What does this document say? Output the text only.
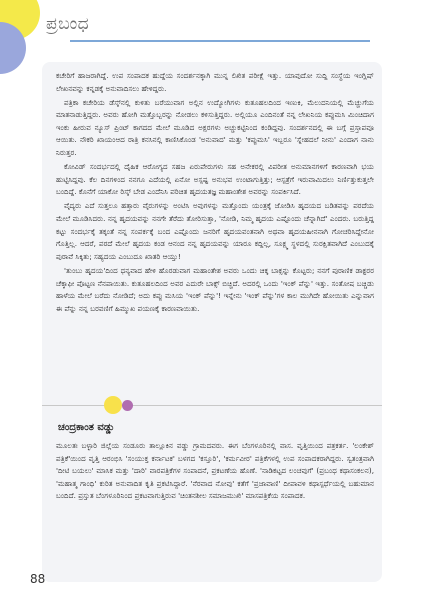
ಪ್ರಬಂಧ

ಕಚೇರಿಗೆ ಹಾಜರಾಗಿದ್ದೆ. ಉಪ ಸಂಪಾದಕ ಹುದ್ದೆಯ ಸಂದರ್ಶನಕ್ಕಾಗಿ ಮುನ್ನ ಲಿಖಿತ ಪರೀಕ್ಷೆ ಇತ್ತು. ಯಾವುದೋ ಸುದ್ದಿ ಸಂಸ್ಥೆಯ ಇಂಗ್ಲಿಷ್ ಲೇಖನವನ್ನು ಕನ್ನಡಕ್ಕೆ ಅನುವಾದಿಸಲು ಹೇಳಿದ್ದರು.

ಪತ್ರಿಕಾ ಕಚೇರಿಯ ಡೆಸ್ಕ್‌ನಲ್ಲಿ ಕುಳಿತು ಬರೆಯುವಾಗ ಅಲ್ಲಿನ ಉದ್ಯೋಗಿಗಳು ಕುತೂಹಲದಿಂದ ಇಣುಕಿ, ಮೆಲುದನಿಯಲ್ಲಿ ಮೆಚ್ಚುಗೆಯ ಮಾತನಾಡುತ್ತಿದ್ದರು. ಅವರು ಹೋಗಿ ಮತ್ತೊಬ್ಬರನ್ನು ನೋಡಲು ಕಳಿಸುತ್ತಿದ್ದರು. ಅಲ್ಲಿಯೂ ಎಂದಿನಂತೆ ನನ್ನ ಲೇಖನಿಯ ಕಪ್ಪುಮಸಿ ಮಿಂಚಿದಾಗ ಇಂಕು ಹೀರುವ ನ್ಯೂಸ್ ಪ್ರಿಂಟ್ ಕಾಗದದ ಮೇಲೆ ಮೂಡಿದ ಅಕ್ಷರಗಳು ಅಚ್ಚುಕಟ್ಟಿನಿಂದ ಕಂಡಿದ್ದವು. ಸಂದರ್ಶನದಲ್ಲಿ ಈ ಬಗ್ಗೆ ಪ್ರಸ್ತಾಪವೂ ಆಯಿತು. ನೌಕರಿ ಖಾಯಂಆದ ರಾತ್ರಿ ಕನಸಿನಲ್ಲಿ ಕಾಣಿಸಿಕೊಂಡ 'ಅನುವಾದ' ಮತ್ತು 'ಕಪ್ಪುಮಸಿ' ಇಬ್ಬರೂ 'ಸ್ನೇಹದಲೆ ನೀನು' ಎಂದಾಗ ನಾನು ನಿರುತ್ತರ.

ಕೋವಿಡ್ ಸಂದರ್ಭದಲ್ಲಿ ದೈಹಿಕ ಆರೋಗ್ಯದ ಸಹಜ ಏರುಪೇರುಗಳು ಸಹ ಅನೇಕರಲ್ಲಿ ವಿಪರೀತ ಅನುಮಾನಗಳಿಗೆ ಕಾರಣವಾಗಿ ಭಯ ಹುಟ್ಟಿಸಿದ್ದವು. ಕೆಲ ದಿನಗಳಿಂದ ನನಗೂ ಎದೆಯಲ್ಲಿ ಏನೋ ಅಸ್ಪಷ್ಟ ಅನುಭವ ಉಂಟಾಗುತ್ತಿತ್ತು; ಆಸ್ಪತ್ರೆಗೆ ಇರುವಾಮಿದಲು ನಿರ್ಣಿತ್ತುಕುತ್ತಲೇ ಬಂದಿದ್ದೆ. ಕೊನೆಗೆ ಯಾಕೋ ರಿಸ್ಕ್ ಬೇಡ ಎಂದೆನಿಸಿ ಪರಿಚಿತ ಹೃದಯತಜ್ಞ ಮಹಾಂತೇಶ ಅವರನ್ನು ಸಂಪರ್ಕಿಸಿದೆ.

ವೈದ್ಯರು ಎದೆ ಸುತ್ತಲೂ ಹತ್ತಾರು ವೈರುಗಳನ್ನು ಅಂಟಿಸಿ ಅವುಗಳನ್ನು ಮತ್ತೊಂದು ಯಂತ್ರಕ್ಕೆ ಜೋಡಿಸಿ ಹೃದಯದ ಬಡಿತವನ್ನು ಪರದೆಯ ಮೇಲೆ ಮೂಡಿಸಿದರು. ನನ್ನ ಹೃದಯವನ್ನು ನನಗೇ ತೆರೆದು ತೋರಿಸುತ್ತಾ, 'ನೋಡಿ, ನಿಮ್ಮ ಹೃದಯ ಎಷ್ಟೊಂದು ಚೆನ್ನಾಗಿದೆ' ಎಂದರು. ಬರುತ್ತಿದ್ದ ಕಟ್ಟು ಸಂದರ್ಭಕ್ಕೆ ತಕ್ಕಂತೆ ನನ್ನ ಸಂಪರ್ಕಕ್ಕೆ ಬಂದ ಎಷ್ಟೊಂದು ಜನರಿಗೆ ಹೃದಯವಂತನಾಗಿ ಅಥವಾ ಹೃದಯಹೀನನಾಗಿ ಗೋಚರಿಸಿದ್ದೇನೋ ಗೊತ್ತಿಲ್ಲ. ಆದರೆ, ಪರದೆ ಮೇಲೆ ಹೃದಯ ಕಂಡ ಆನಂದ ನನ್ನ ಹೃದಯವನ್ನು ಯಾರೂ ಕದ್ದಿಲ್ಲ, ಸೂಕ್ಷ್ಮ ಸ್ಥಳದಲ್ಲಿ ಸುರಕ್ಷಿತವಾಗಿದೆ ಎಂಬುದಕ್ಕೆ ಪುರಾವೆ ಸಿಕ್ಕಿತು; ಸಹ್ಯದಯ ಎಂಬುದೂ ಖಾತರಿ ಆಯ್ತು!

'ತುಂಬು ಹೃದಯ'ದಿಂದ ಧನ್ಯವಾದ ಹೇಳಿ ಹೊರಡುವಾಗ ಮಹಾಂತೇಶ ಅವರು ಒಂದು ಚಿಕ್ಕ ಬಾಕ್ಸನ್ನು ಕೊಟ್ಟರು; ನನಗೆ ಪುರಾಣಿಕ ಡಾಕ್ಟರರ ಚೆಕ್ಕಾಫೀ ಪೊಟ್ಟಣ ನೆನಪಾಯಿತು. ಕುತೂಹಲದಿಂದ ಅವರ ಎದುರೇ ಬಾಕ್ಸ್ ಬಿಚ್ಚಿದೆ. ಅದರಲ್ಲಿ ಒಂದು 'ಇಂಕ್ ಪೆನ್ನು' ಇತ್ತು. ಸಂತೋಷ ಬಚ್ಚಿಡು ಹಾಳೆಯ ಮೇಲೆ ಬರೆದು ನೋಡಿದೆ; ಅದು ಕಪ್ಪು ಮಸಿಯ 'ಇಂಕ್ ಪೆನ್ನು'! ಇನ್ನೇನು 'ಇಂಕ್ ಪೆನ್ನು'ಗಳ ಕಾಲ ಮುಗಿದೇ ಹೋಯಿತು ಎನ್ನುವಾಗ ಈ ಪೆನ್ನು ನನ್ನ ಬರವಣಿಗೆ ಹಿಮ್ಮುಖ ಪಯಣಕ್ಕೆ ಕಾರಣವಾಯಿತು.

ಚಂದ್ರಕಾಂತ ವಡ್ಡು
ಮೂಲತಃ ಬಳ್ಳಾರಿ ಜಿಲ್ಲೆಯ ಸಂಡೂರು ತಾಲ್ಲೂಕಿನ ವಡ್ಡು ಗ್ರಾಮದವರು. ಈಗ ಬೆಂಗಳೂರಿನಲ್ಲಿ ವಾಸ. ವೃತ್ತಿಯಿಂದ ಪತ್ರಕರ್ತ. 'ಲಂಕೇಶ್ ಪತ್ರಿಕೆ'ಯಿಂದ ವೃತ್ತಿ ಆರಂಭಿಸಿ 'ಸಂಯುಕ್ತ ಕರ್ನಾಟಕ' ಬಳಗದ 'ಕಸ್ತೂರಿ', 'ಕರ್ಮವೀರ' ಪತ್ರಿಕೆಗಳಲ್ಲಿ ಉಪ ಸಂಪಾದಕರಾಗಿದ್ದರು. ಸ್ವತಂತ್ರವಾಗಿ 'ದೀಟಿ ಬಯಲು' ಮಾಸಿಕ ಮತ್ತು 'ದಾರಿ' ವಾರಪತ್ರಿಕೆಗಳ ಸಂಪಾದನೆ, ಪ್ರಕಟಣೆಯ ಹೊಣೆ. 'ನಾಡಿಕಟ್ಟದ ಲಂಚವುಗೆ' (ಪ್ರಬಂಧ ಕಥಾಸಂಕಲನ), 'ಮಹಾತ್ಮ ಗಾಂಧಿ' ಕುರಿತ ಅನುವಾದಿತ ಕೃತಿ ಪ್ರಕಟಿಸಿದ್ದಾರೆ. 'ನೆರವಾದ ನೋವು' ಕತೆಗೆ 'ಪ್ರಜಾವಾಣಿ' ದೀಪಾವಳಿ ಕಥಾಸ್ಪರ್ಧೆಯಲ್ಲಿ ಬಹುಮಾನ ಬಂದಿದೆ. ಪ್ರಸ್ತುತ ಬೆಂಗಳೂರಿನಿಂದ ಪ್ರಕಟವಾಗುತ್ತಿರುವ 'ಚಿಂತನಶೀಲ ಸಮಾಜಮುಖಿ' ಮಾಸಪತ್ರಿಕೆಯ ಸಂಪಾದಕ.
88
